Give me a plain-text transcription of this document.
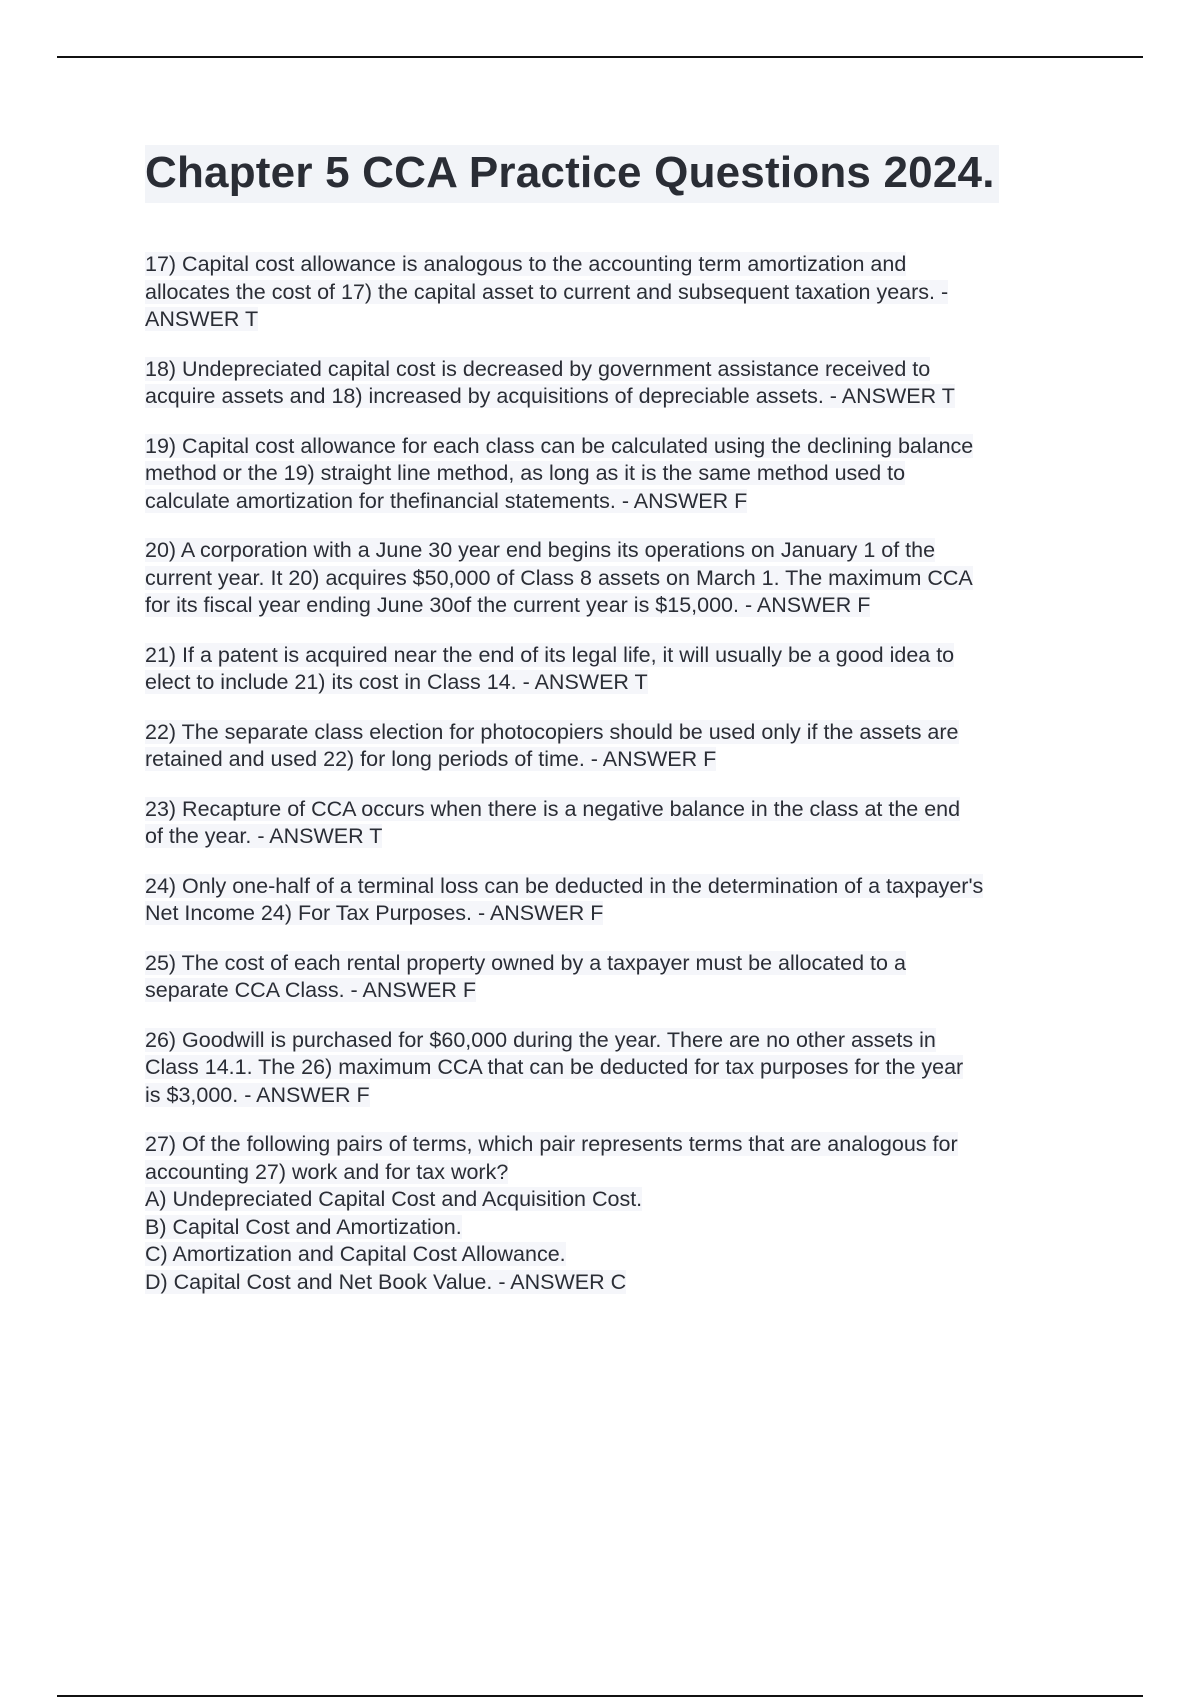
Chapter 5 CCA Practice Questions 2024.

17) Capital cost allowance is analogous to the accounting term amortization and
allocates the cost of 17) the capital asset to current and subsequent taxation years. -
ANSWER T

18) Undepreciated capital cost is decreased by government assistance received to
acquire assets and 18) increased by acquisitions of depreciable assets. - ANSWER T

19) Capital cost allowance for each class can be calculated using the declining balance
method or the 19) straight line method, as long as it is the same method used to
calculate amortization for thefinancial statements. - ANSWER F

20) A corporation with a June 30 year end begins its operations on January 1 of the
current year. It 20) acquires $50,000 of Class 8 assets on March 1. The maximum CCA
for its fiscal year ending June 30of the current year is $15,000. - ANSWER F

21) If a patent is acquired near the end of its legal life, it will usually be a good idea to
elect to include 21) its cost in Class 14. - ANSWER T

22) The separate class election for photocopiers should be used only if the assets are
retained and used 22) for long periods of time. - ANSWER F

23) Recapture of CCA occurs when there is a negative balance in the class at the end
of the year. - ANSWER T

24) Only one-half of a terminal loss can be deducted in the determination of a taxpayer's
Net Income 24) For Tax Purposes. - ANSWER F

25) The cost of each rental property owned by a taxpayer must be allocated to a
separate CCA Class. - ANSWER F

26) Goodwill is purchased for $60,000 during the year. There are no other assets in
Class 14.1. The 26) maximum CCA that can be deducted for tax purposes for the year
is $3,000. - ANSWER F

27) Of the following pairs of terms, which pair represents terms that are analogous for
accounting 27) work and for tax work?
A) Undepreciated Capital Cost and Acquisition Cost.
B) Capital Cost and Amortization.
C) Amortization and Capital Cost Allowance.
D) Capital Cost and Net Book Value. - ANSWER C
